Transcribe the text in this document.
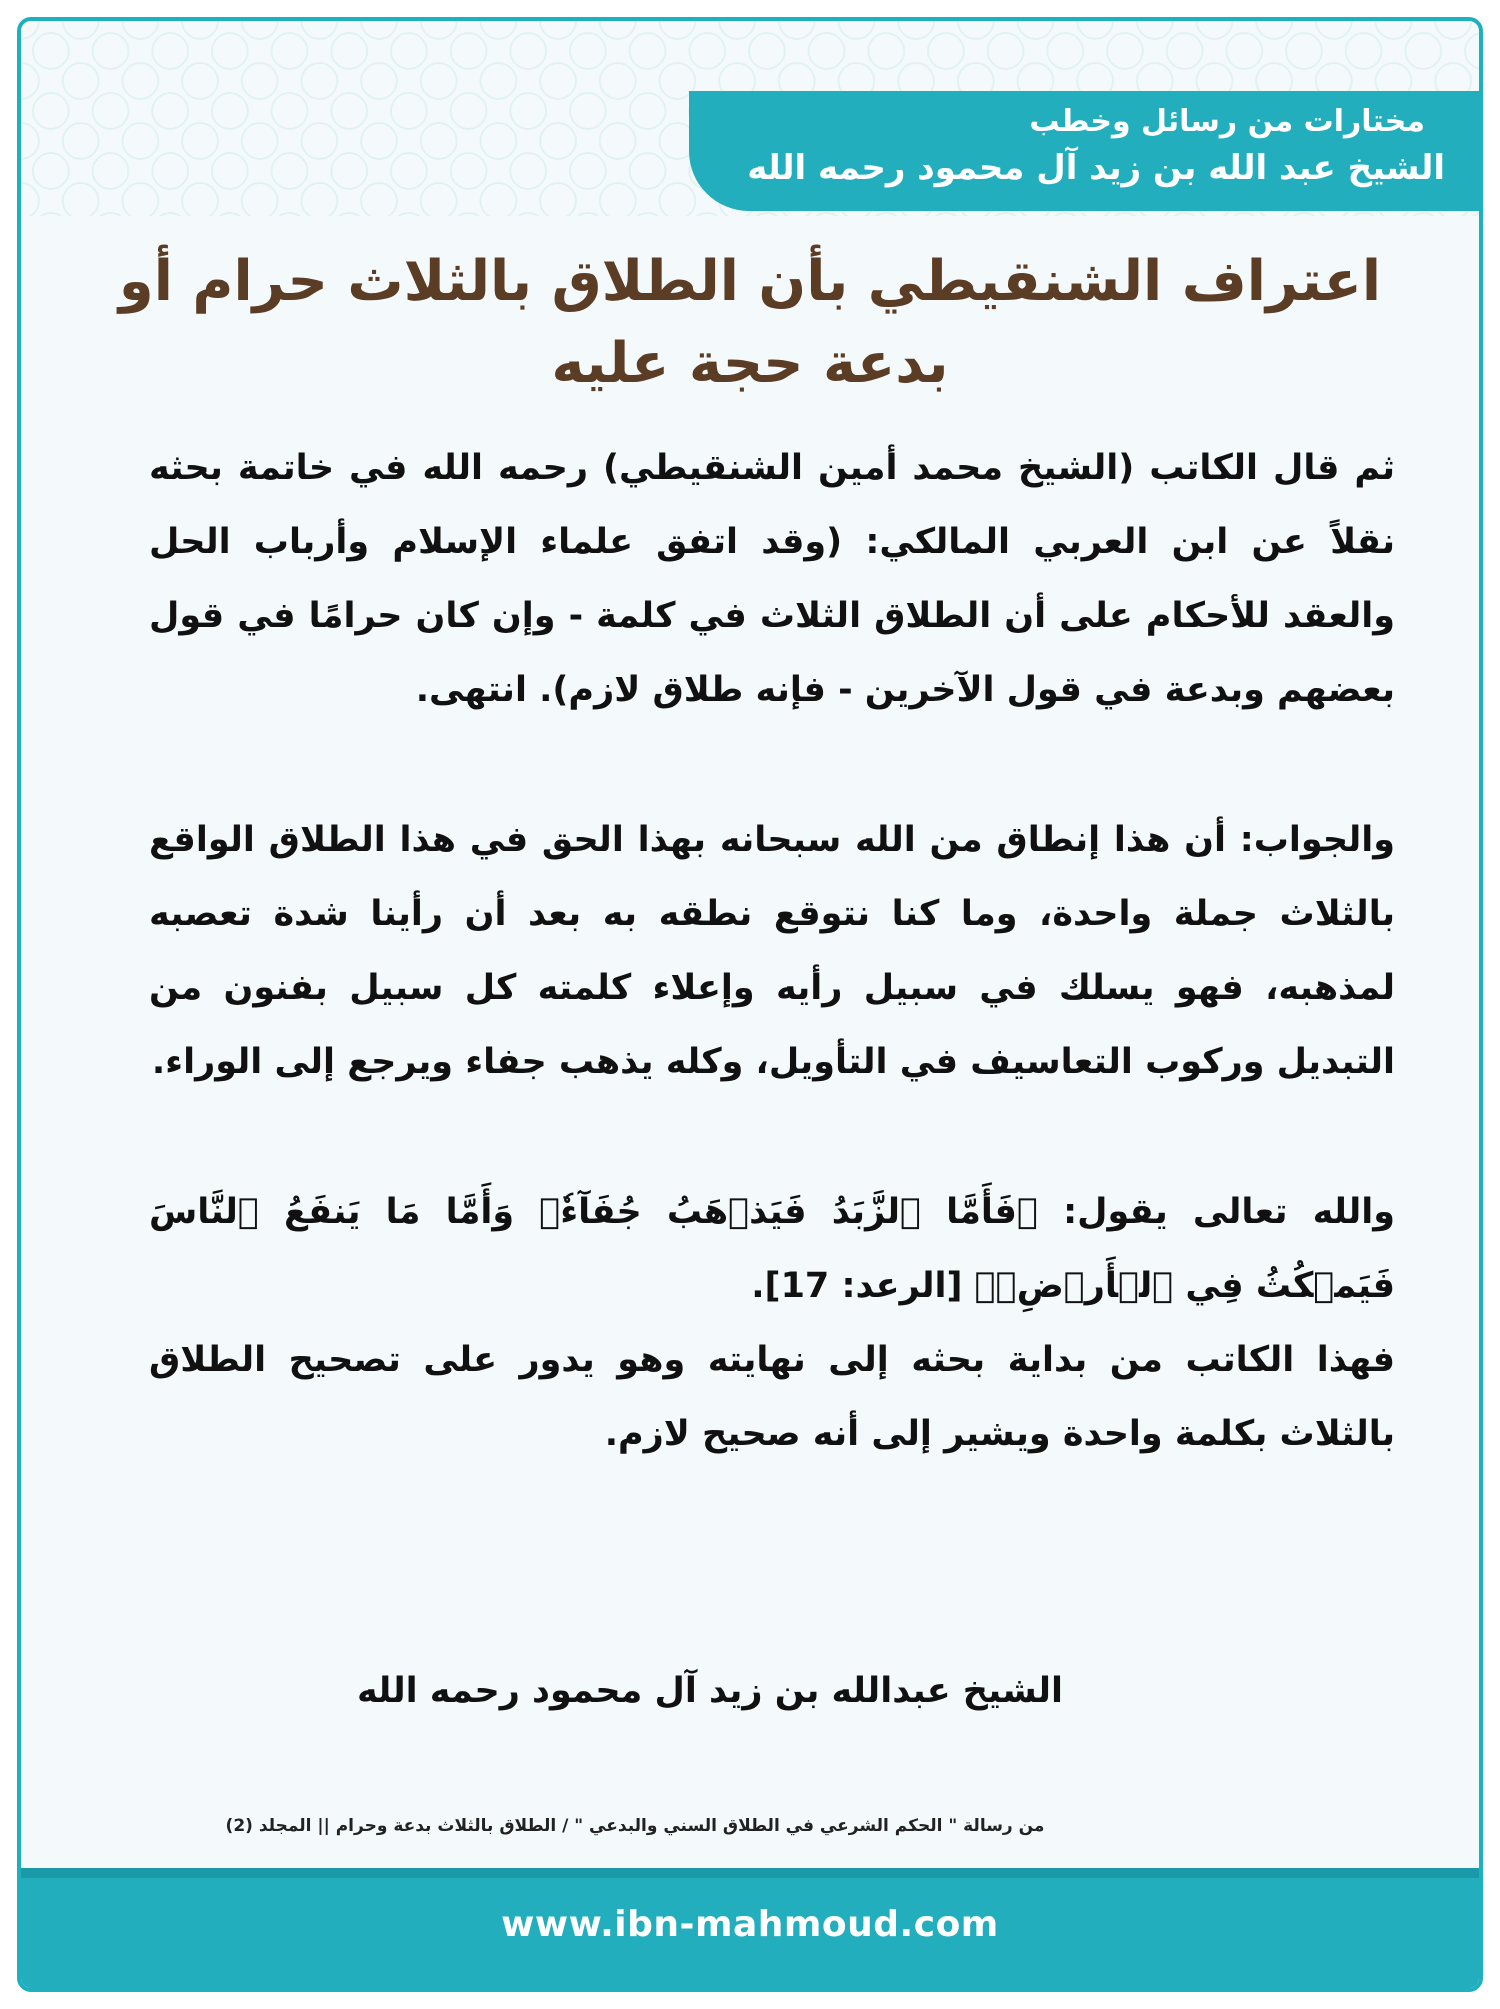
مختارات من رسائل وخطب
الشيخ عبد الله بن زيد آل محمود رحمه الله
اعتراف الشنقيطي بأن الطلاق بالثلاث حرام أو بدعة حجة عليه

ثم قال الكاتب (الشيخ محمد أمين الشنقيطي) رحمه الله في خاتمة بحثه نقلاً عن ابن العربي المالكي: (وقد اتفق علماء الإسلام وأرباب الحل والعقد للأحكام على أن الطلاق الثلاث في كلمة - وإن كان حرامًا في قول بعضهم وبدعة في قول الآخرين - فإنه طلاق لازم). انتهى.

والجواب: أن هذا إنطاق من الله سبحانه بهذا الحق في هذا الطلاق الواقع بالثلاث جملة واحدة، وما كنا نتوقع نطقه به بعد أن رأينا شدة تعصبه لمذهبه، فهو يسلك في سبيل رأيه وإعلاء كلمته كل سبيل بفنون من التبديل وركوب التعاسيف في التأويل، وكله يذهب جفاء ويرجع إلى الوراء.

والله تعالى يقول: ﴿فَأَمَّا ٱلزَّبَدُ فَيَذۡهَبُ جُفَآءٗۖ وَأَمَّا مَا يَنفَعُ ٱلنَّاسَ فَيَمۡكُثُ فِي ٱلۡأَرۡضِۚ﴾ [الرعد: 17].

فهذا الكاتب من بداية بحثه إلى نهايته وهو يدور على تصحيح الطلاق بالثلاث بكلمة واحدة ويشير إلى أنه صحيح لازم.

الشيخ عبدالله بن زيد آل محمود رحمه الله
من رسالة " الحكم الشرعي في الطلاق السني والبدعي " / الطلاق بالثلاث بدعة وحرام || المجلد (2)
www.ibn-mahmoud.com
